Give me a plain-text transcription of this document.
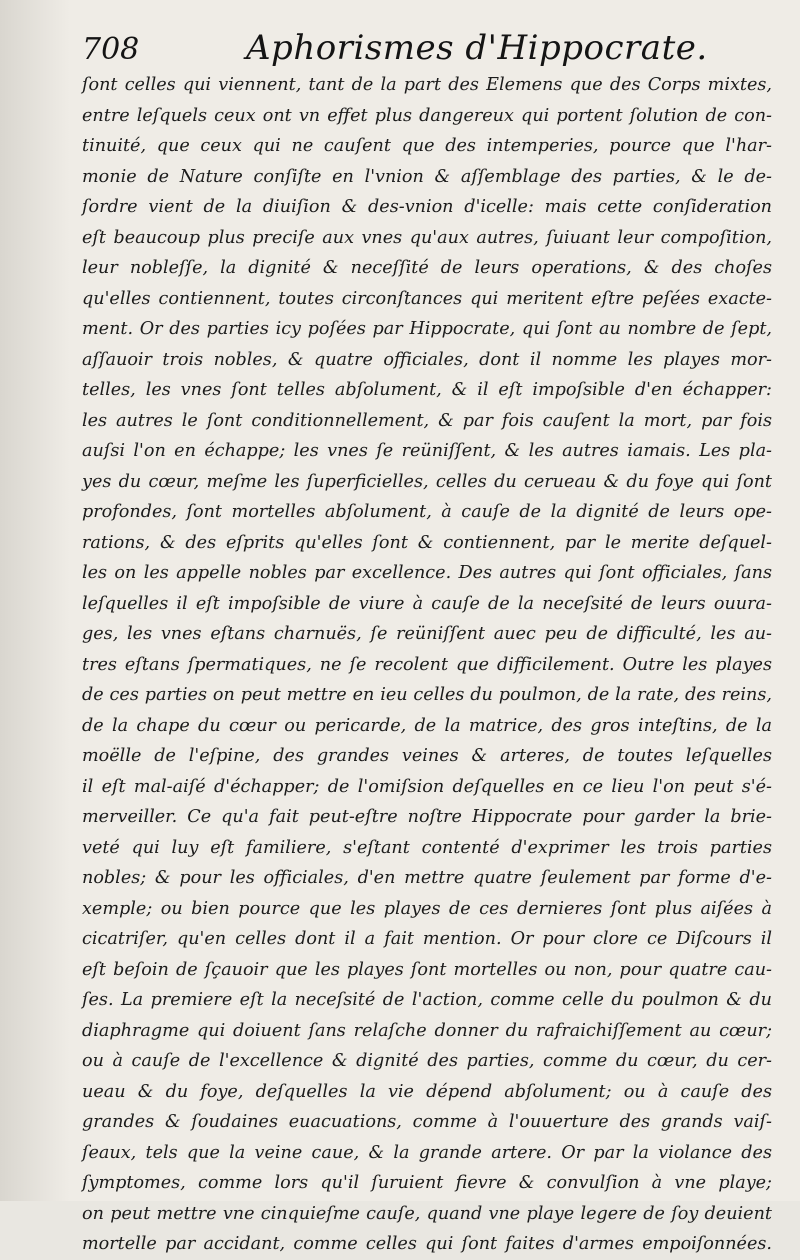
708	Aphorismes d'Hippocrate.
ſont celles qui viennent, tant de la part des Elemens que des Corps mixtes,
entre leſquels ceux ont vn effet plus dangereux qui portent ſolution de con-
tinuité, que ceux qui ne cauſent que des intemperies, pource que l'har-
monie de Nature conſiſte en l'vnion & aſſemblage des parties, & le de-
ſordre vient de la diuiſion & des-vnion d'icelle: mais cette conſideration
eſt beaucoup plus preciſe aux vnes qu'aux autres, ſuiuant leur compoſition,
leur nobleſſe, la dignité & neceſſité de leurs operations, & des choſes
qu'elles contiennent, toutes circonſtances qui meritent eſtre peſées exacte-
ment. Or des parties icy poſées par Hippocrate, qui ſont au nombre de ſept,
aſſauoir trois nobles, & quatre officiales, dont il nomme les playes mor-
telles, les vnes ſont telles abſolument, & il eſt impoſsible d'en échapper:
les autres le ſont conditionnellement, & par fois cauſent la mort, par fois
auſsi l'on en échappe; les vnes ſe reüniſſent, & les autres iamais. Les pla-
yes du cœur, meſme les ſuperficielles, celles du cerueau & du foye qui ſont
profondes, ſont mortelles abſolument, à cauſe de la dignité de leurs ope-
rations, & des eſprits qu'elles ſont & contiennent, par le merite deſquel-
les on les appelle nobles par excellence. Des autres qui ſont officiales, ſans
leſquelles il eſt impoſsible de viure à cauſe de la neceſsité de leurs ouura-
ges, les vnes eſtans charnuës, ſe reüniſſent auec peu de difficulté, les au-
tres eſtans ſpermatiques, ne ſe recolent que difficilement. Outre les playes
de ces parties on peut mettre en ieu celles du poulmon, de la rate, des reins,
de la chape du cœur ou pericarde, de la matrice, des gros inteſtins, de la
moëlle de l'eſpine, des grandes veines & arteres, de toutes leſquelles
il eſt mal-aiſé d'échapper; de l'omiſsion deſquelles en ce lieu l'on peut s'é-
merveiller. Ce qu'a fait peut-eſtre noſtre Hippocrate pour garder la brie-
veté qui luy eſt familiere, s'eſtant contenté d'exprimer les trois parties
nobles; & pour les officiales, d'en mettre quatre ſeulement par forme d'e-
xemple; ou bien pource que les playes de ces dernieres ſont plus aiſées à
cicatriſer, qu'en celles dont il a fait mention. Or pour clore ce Diſcours il
eſt beſoin de ſçauoir que les playes ſont mortelles ou non, pour quatre cau-
ſes. La premiere eſt la neceſsité de l'action, comme celle du poulmon & du
diaphragme qui doiuent ſans relaſche donner du rafraichiſſement au cœur;
ou à cauſe de l'excellence & dignité des parties, comme du cœur, du cer-
ueau & du foye, deſquelles la vie dépend abſolument; ou à cauſe des
grandes & ſoudaines euacuations, comme à l'ouuerture des grands vaiſ-
ſeaux, tels que la veine caue, & la grande artere. Or par la violance des
ſymptomes, comme lors qu'il ſuruient fievre & convulſion à vne playe;
on peut mettre vne cinquieſme cauſe, quand vne playe legere de ſoy deuient
mortelle par accidant, comme celles qui ſont faites d'armes empoiſonnées.
